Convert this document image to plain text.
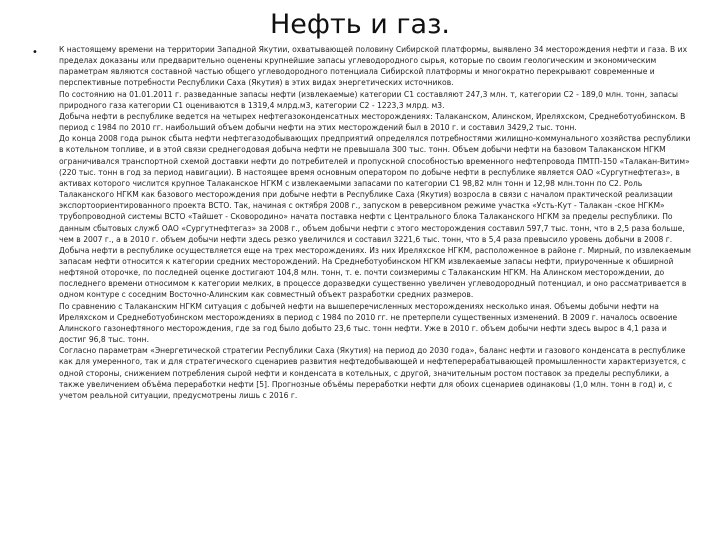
Нефть и газ.
•	К настоящему времени на территории Западной Якутии, охватывающей половину Сибирской платформы, выявлено 34 месторождения нефти и газа. В их пределах доказаны или предварительно оценены крупнейшие запасы углеводородного сырья, которые по своим геологическим и экономическим параметрам являются составной частью общего углеводородного потенциала Сибирской платформы и многократно перекрывают современные и перспективные потребности Республики Саха (Якутия) в этих видах энергетических источников.

По состоянию на 01.01.2011 г. разведанные запасы нефти (извлекаемые) категории С1 составляют 247,3 млн. т, категории С2 - 189,0 млн. тонн, запасы природного газа категории С1 оцениваются в 1319,4 млрд.м3, категории С2 - 1223,3 млрд. м3.

Добыча нефти в республике ведется на четырех нефтегазоконденсатных месторождениях: Талаканском, Алинском, Иреляхском, Среднеботуобинском. В период с 1984 по 2010 гг. наибольший объем добычи нефти на этих месторождений был в 2010 г. и составил 3429,2 тыс. тонн.

До конца 2008 года рынок сбыта нефти нефтегазодобывающих предприятий определялся потребностями жилищно-коммунального хозяйства республики в котельном топливе, и в этой связи среднегодовая добыча нефти не превышала 300 тыс. тонн. Объем добычи нефти на базовом Талаканском НГКМ ограничивался транспортной схемой доставки нефти до потребителей и пропускной способностью временного нефтепровода ПМТП-150 «Талакан-Витим» (220 тыс. тонн в год за период навигации). В настоящее время основным оператором по добыче нефти в республике является ОАО «Сургутнефтегаз», в активах которого числится крупное Талаканское НГКМ с извлекаемыми запасами по категории С1 98,82 млн тонн и 12,98 млн.тонн по С2. Роль Талаканского НГКМ как базового месторождения при добыче нефти в Республике Саха (Якутия) возросла в связи с началом практической реализации экспортоориентированного проекта ВСТО. Так, начиная с октября 2008 г., запуском в реверсивном режиме участка «Усть-Кут - Талакан -ское НГКМ» трубопроводной системы ВСТО «Тайшет - Сковородино» начата поставка нефти с Центрального блока Талаканского НГКМ за пределы республики. По данным сбытовых служб ОАО «Сургутнефтегаз» за 2008 г., объем добычи нефти с этого месторождения составил 597,7 тыс. тонн, что в 2,5 раза больше, чем в 2007 г., а в 2010 г. объем добычи нефти здесь резко увеличился и составил 3221,6 тыс. тонн, что в 5,4 раза превысило уровень добычи в 2008 г. Добыча нефти в республике осуществляется еще на трех месторождениях. Из них Иреляхское НГКМ, расположенное в районе г. Мирный, по извлекаемым запасам нефти относится к категории средних месторождений. На Среднеботуобинском НГКМ извлекаемые запасы нефти, приуроченные к обширной нефтяной оторочке, по последней оценке достигают 104,8 млн. тонн, т. е. почти соизмеримы с Талаканским НГКМ. На Алинском месторождении, до последнего времени относимом к категории мелких, в процессе доразведки существенно увеличен углеводородный потенциал, и оно рассматривается в одном контуре с соседним Восточно-Алинским как совместный объект разработки средних размеров.

По сравнению с Талаканским НГКМ ситуация с добычей нефти на вышеперечисленных месторождениях несколько иная. Объемы добычи нефти на Иреляхском и Среднеботуобинском месторождениях в период с 1984 по 2010 гг. не претерпели существенных изменений. В 2009 г. началось освоение Алинского газонефтяного месторождения, где за год было добыто 23,6 тыс. тонн нефти. Уже в 2010 г. объем добычи нефти здесь вырос в 4,1 раза и достиг 96,8 тыс. тонн.

Согласно параметрам «Энергетической стратегии Республики Саха (Якутия) на период до 2030 года», баланс нефти и газового конденсата в республике как для умеренного, так и для стратегического сценариев развития нефтедобывающей и нефтеперерабатывающей промышленности характеризуется, с одной стороны, снижением потребления сырой нефти и конденсата в котельных, с другой, значительным ростом поставок за пределы республики, а также увеличением объёма переработки нефти [5]. Прогнозные объёмы переработки нефти для обоих сценариев одинаковы (1,0 млн. тонн в год) и, с учетом реальной ситуации, предусмотрены лишь с 2016 г.
